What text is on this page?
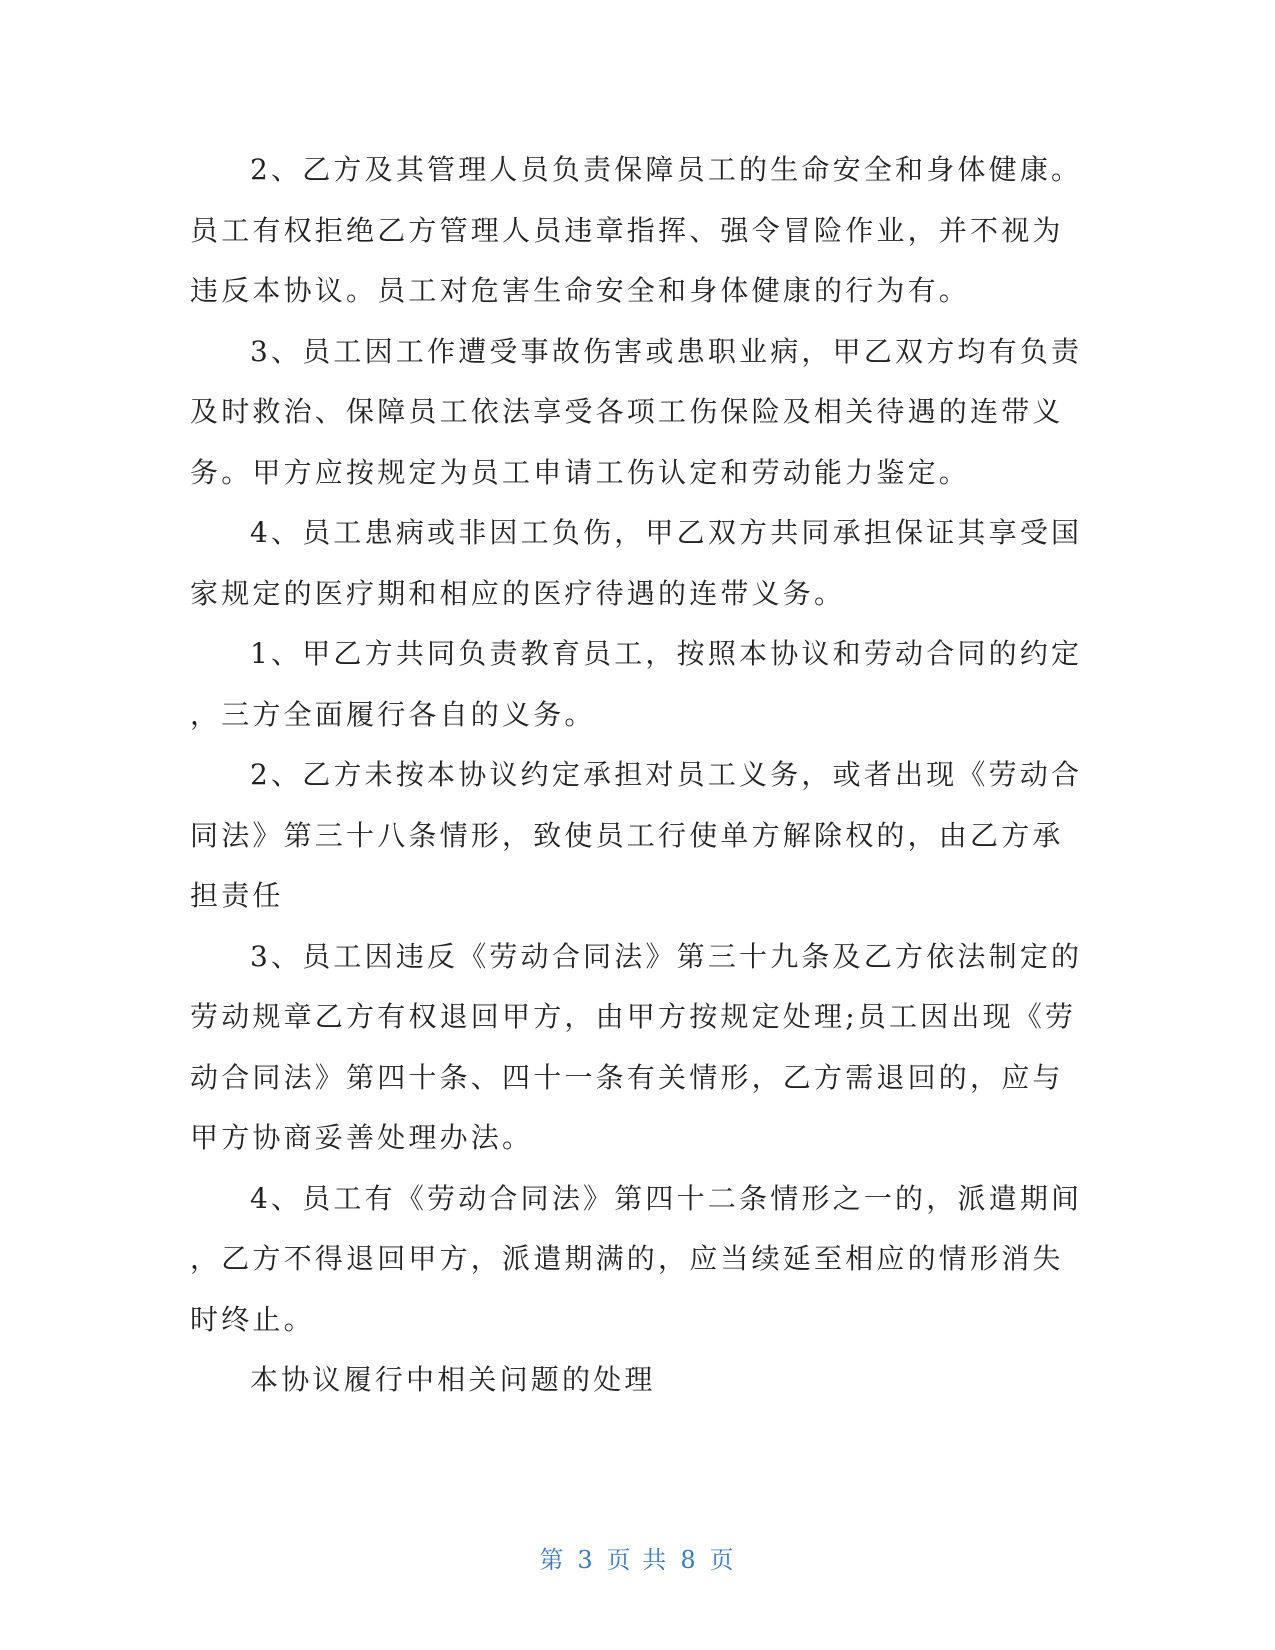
2、乙方及其管理人员负责保障员工的生命安全和身体健康。
员工有权拒绝乙方管理人员违章指挥、强令冒险作业，并不视为
违反本协议。员工对危害生命安全和身体健康的行为有。

3、员工因工作遭受事故伤害或患职业病，甲乙双方均有负责
及时救治、保障员工依法享受各项工伤保险及相关待遇的连带义
务。甲方应按规定为员工申请工伤认定和劳动能力鉴定。

4、员工患病或非因工负伤，甲乙双方共同承担保证其享受国
家规定的医疗期和相应的医疗待遇的连带义务。

1、甲乙方共同负责教育员工，按照本协议和劳动合同的约定
，三方全面履行各自的义务。

2、乙方未按本协议约定承担对员工义务，或者出现《劳动合
同法》第三十八条情形，致使员工行使单方解除权的，由乙方承
担责任

3、员工因违反《劳动合同法》第三十九条及乙方依法制定的
劳动规章乙方有权退回甲方，由甲方按规定处理;员工因出现《劳
动合同法》第四十条、四十一条有关情形，乙方需退回的，应与
甲方协商妥善处理办法。

4、员工有《劳动合同法》第四十二条情形之一的，派遣期间
，乙方不得退回甲方，派遣期满的，应当续延至相应的情形消失
时终止。

本协议履行中相关问题的处理

第 3 页 共 8 页
